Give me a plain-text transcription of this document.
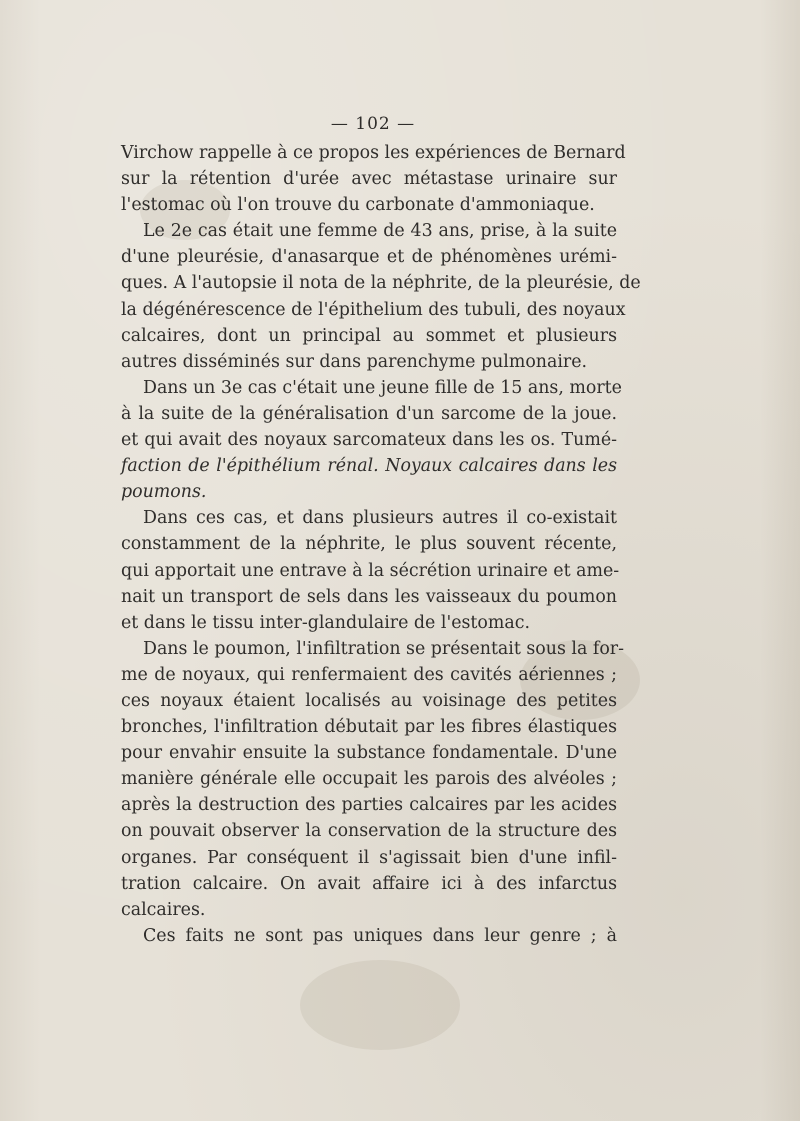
— 102 —
Virchow rappelle à ce propos les expériences de Bernard
sur la rétention d'urée avec métastase urinaire sur
l'estomac où l'on trouve du carbonate d'ammoniaque.
Le 2e cas était une femme de 43 ans, prise, à la suite
d'une pleurésie, d'anasarque et de phénomènes urémi-
ques. A l'autopsie il nota de la néphrite, de la pleurésie, de
la dégénérescence de l'épithelium des tubuli, des noyaux
calcaires, dont un principal au sommet et plusieurs
autres disséminés sur dans parenchyme pulmonaire.
Dans un 3e cas c'était une jeune fille de 15 ans, morte
à la suite de la généralisation d'un sarcome de la joue.
et qui avait des noyaux sarcomateux dans les os. Tumé-
faction de l'épithélium rénal. Noyaux calcaires dans les
poumons.
Dans ces cas, et dans plusieurs autres il co-existait
constamment de la néphrite, le plus souvent récente,
qui apportait une entrave à la sécrétion urinaire et ame-
nait un transport de sels dans les vaisseaux du poumon
et dans le tissu inter-glandulaire de l'estomac.
Dans le poumon, l'infiltration se présentait sous la for-
me de noyaux, qui renfermaient des cavités aériennes ;
ces noyaux étaient localisés au voisinage des petites
bronches, l'infiltration débutait par les fibres élastiques
pour envahir ensuite la substance fondamentale. D'une
manière générale elle occupait les parois des alvéoles ;
après la destruction des parties calcaires par les acides
on pouvait observer la conservation de la structure des
organes. Par conséquent il s'agissait bien d'une infil-
tration calcaire. On avait affaire ici à des infarctus
calcaires.
Ces faits ne sont pas uniques dans leur genre ; à
